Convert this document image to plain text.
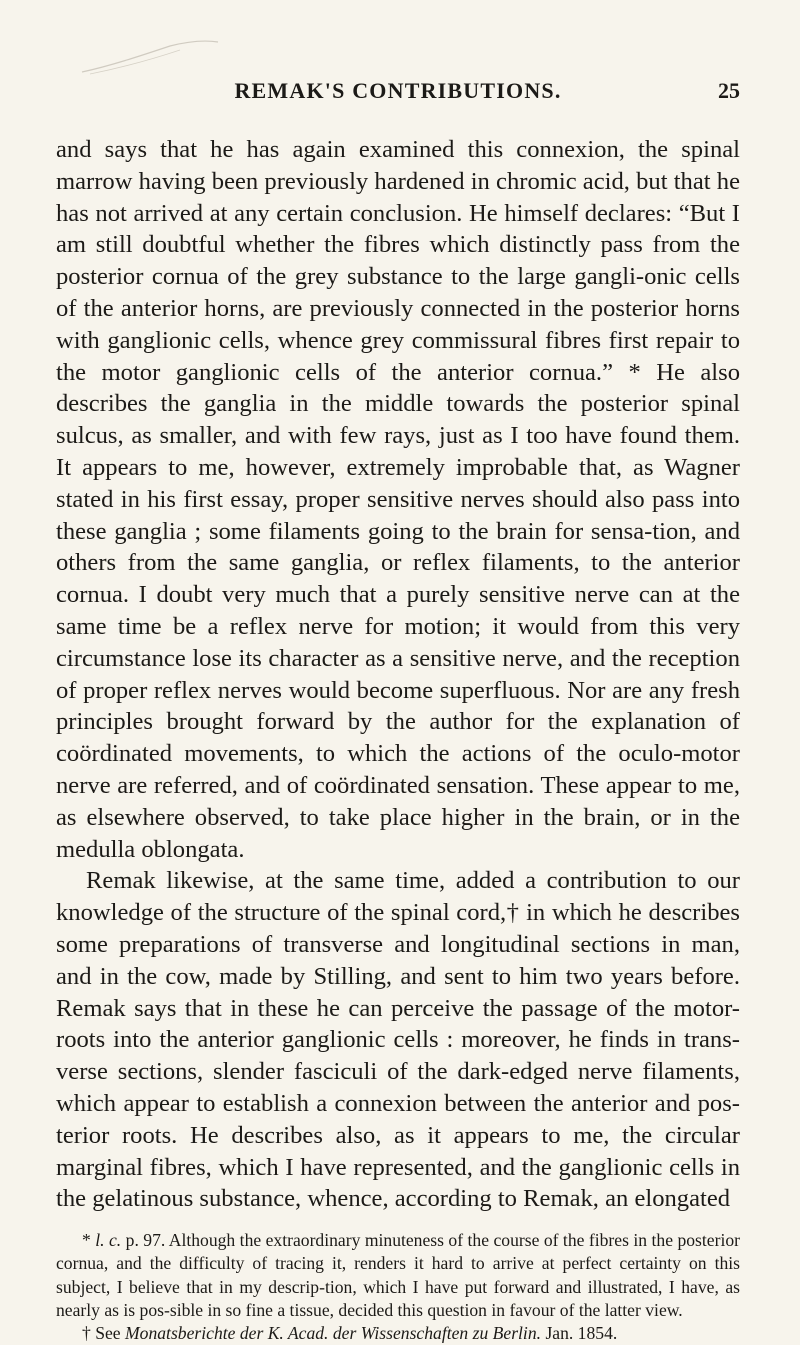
REMAK'S CONTRIBUTIONS.	25

and says that he has again examined this connexion, the spinal marrow having been previously hardened in chromic acid, but that he has not arrived at any certain conclusion. He himself declares: “But I am still doubtful whether the fibres which distinctly pass from the posterior cornua of the grey substance to the large gangli-onic cells of the anterior horns, are previously connected in the posterior horns with ganglionic cells, whence grey commissural fibres first repair to the motor ganglionic cells of the anterior cornua.” * He also describes the ganglia in the middle towards the posterior spinal sulcus, as smaller, and with few rays, just as I too have found them. It appears to me, however, extremely improbable that, as Wagner stated in his first essay, proper sensitive nerves should also pass into these ganglia ; some filaments going to the brain for sensa-tion, and others from the same ganglia, or reflex filaments, to the anterior cornua. I doubt very much that a purely sensitive nerve can at the same time be a reflex nerve for motion; it would from this very circumstance lose its character as a sensitive nerve, and the reception of proper reflex nerves would become superfluous. Nor are any fresh principles brought forward by the author for the explanation of coördinated movements, to which the actions of the oculo-motor nerve are referred, and of coördinated sensation. These appear to me, as elsewhere observed, to take place higher in the brain, or in the medulla oblongata.

Remak likewise, at the same time, added a contribution to our knowledge of the structure of the spinal cord,† in which he describes some preparations of transverse and longitudinal sections in man, and in the cow, made by Stilling, and sent to him two years before. Remak says that in these he can perceive the passage of the motor-roots into the anterior ganglionic cells : moreover, he finds in trans-verse sections, slender fasciculi of the dark-edged nerve filaments, which appear to establish a connexion between the anterior and pos-terior roots. He describes also, as it appears to me, the circular marginal fibres, which I have represented, and the ganglionic cells in the gelatinous substance, whence, according to Remak, an elongated

* l. c. p. 97. Although the extraordinary minuteness of the course of the fibres in the posterior cornua, and the difficulty of tracing it, renders it hard to arrive at perfect certainty on this subject, I believe that in my descrip-tion, which I have put forward and illustrated, I have, as nearly as is pos-sible in so fine a tissue, decided this question in favour of the latter view.

† See Monatsberichte der K. Acad. der Wissenschaften zu Berlin. Jan. 1854.
